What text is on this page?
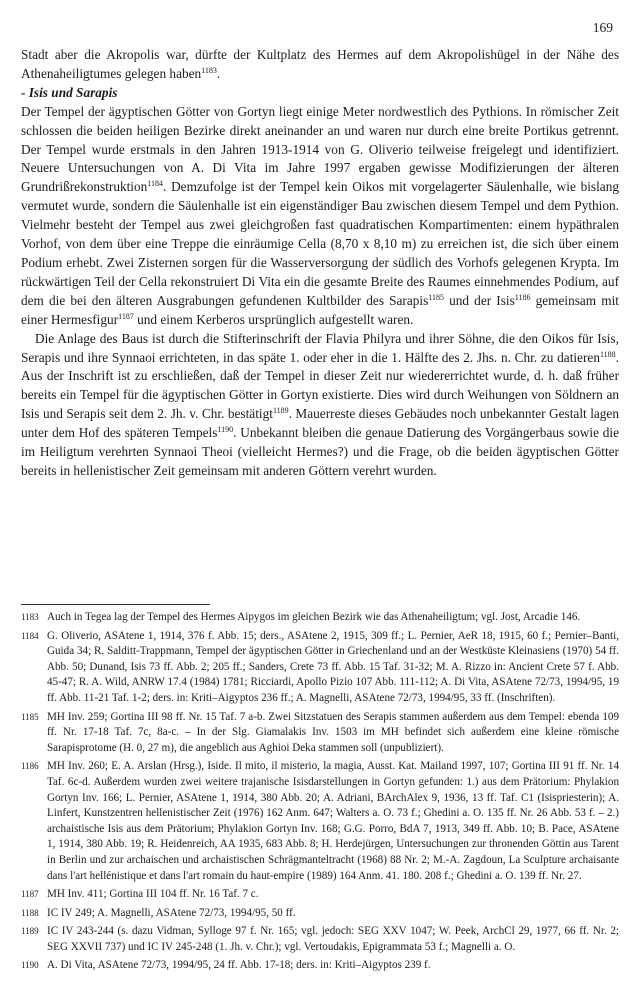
169

Stadt aber die Akropolis war, dürfte der Kultplatz des Hermes auf dem Akropolishügel in der Nähe des Athenaheiligtumes gelegen haben$^{1183}$.

- Isis und Sarapis

Der Tempel der ägyptischen Götter von Gortyn liegt einige Meter nordwestlich des Pythions. In römischer Zeit schlossen die beiden heiligen Bezirke direkt aneinander an und waren nur durch eine breite Portikus getrennt. Der Tempel wurde erstmals in den Jahren 1913-1914 von G. Oliverio teilweise freigelegt und identifiziert. Neuere Untersuchungen von A. Di Vita im Jahre 1997 ergaben gewisse Modifizierungen der älteren Grundrißrekonstruktion$^{1184}$. Demzufolge ist der Tempel kein Oikos mit vorgelagerter Säulenhalle, wie bislang vermutet wurde, sondern die Säulenhalle ist ein eigenständiger Bau zwischen diesem Tempel und dem Pythion. Vielmehr besteht der Tempel aus zwei gleichgroßen fast quadratischen Kompartimenten: einem hypäthralen Vorhof, von dem über eine Treppe die einräumige Cella (8,70 x 8,10 m) zu erreichen ist, die sich über einem Podium erhebt. Zwei Zisternen sorgen für die Wasserversorgung der südlich des Vorhofs gelegenen Krypta. Im rückwärtigen Teil der Cella rekonstruiert Di Vita ein die gesamte Breite des Raumes einnehmendes Podium, auf dem die bei den älteren Ausgrabungen gefundenen Kultbilder des Sarapis$^{1185}$ und der Isis$^{1186}$ gemeinsam mit einer Hermesfigur$^{1187}$ und einem Kerberos ursprünglich aufgestellt waren.

Die Anlage des Baus ist durch die Stifterinschrift der Flavia Philyra und ihrer Söhne, die den Oikos für Isis, Serapis und ihre Synnaoi errichteten, in das späte 1. oder eher in die 1. Hälfte des 2. Jhs. n. Chr. zu datieren$^{1188}$. Aus der Inschrift ist zu erschließen, daß der Tempel in dieser Zeit nur wiedererrichtet wurde, d. h. daß früher bereits ein Tempel für die ägyptischen Götter in Gortyn existierte. Dies wird durch Weihungen von Söldnern an Isis und Serapis seit dem 2. Jh. v. Chr. bestätigt$^{1189}$. Mauerreste dieses Gebäudes noch unbekannter Gestalt lagen unter dem Hof des späteren Tempels$^{1190}$. Unbekannt bleiben die genaue Datierung des Vorgängerbaus sowie die im Heiligtum verehrten Synnaoi Theoi (vielleicht Hermes?) und die Frage, ob die beiden ägyptischen Götter bereits in hellenistischer Zeit gemeinsam mit anderen Göttern verehrt wurden.

1183 Auch in Tegea lag der Tempel des Hermes Aipygos im gleichen Bezirk wie das Athenaheiligtum; vgl. Jost, Arcadie 146.
1184 G. Oliverio, ASAtene 1, 1914, 376 f. Abb. 15; ders., ASAtene 2, 1915, 309 ff.; L. Pernier, AeR 18, 1915, 60 f.; Pernier–Banti, Guida 34; R. Salditt-Trappmann, Tempel der ägyptischen Götter in Griechenland und an der Westküste Kleinasiens (1970) 54 ff. Abb. 50; Dunand, Isis 73 ff. Abb. 2; 205 ff.; Sanders, Crete 73 ff. Abb. 15 Taf. 31-32; M. A. Rizzo in: Ancient Crete 57 f. Abb. 45-47; R. A. Wild, ANRW 17.4 (1984) 1781; Ricciardi, Apollo Pizio 107 Abb. 111-112; A. Di Vita, ASAtene 72/73, 1994/95, 19 ff. Abb. 11-21 Taf. 1-2; ders. in: Kriti–Aigyptos 236 ff.; A. Magnelli, ASAtene 72/73, 1994/95, 33 ff. (Inschriften).
1185 MH Inv. 259; Gortina III 98 ff. Nr. 15 Taf. 7 a-b. Zwei Sitzstatuen des Serapis stammen außerdem aus dem Tempel: ebenda 109 ff. Nr. 17-18 Taf. 7c, 8a-c. – In der Slg. Giamalakis Inv. 1503 im MH befindet sich außerdem eine kleine römische Sarapisprotome (H. 0, 27 m), die angeblich aus Aghioi Deka stammen soll (unpubliziert).
1186 MH Inv. 260; E. A. Arslan (Hrsg.), Iside. Il mito, il misterio, la magia, Ausst. Kat. Mailand 1997, 107; Gortina III 91 ff. Nr. 14 Taf. 6c-d. Außerdem wurden zwei weitere trajanische Isisdarstellungen in Gortyn gefunden: 1.) aus dem Prätorium: Phylakion Gortyn Inv. 166; L. Pernier, ASAtene 1, 1914, 380 Abb. 20; A. Adriani, BArchAlex 9, 1936, 13 ff. Taf. C1 (Isispriesterin); A. Linfert, Kunstzentren hellenistischer Zeit (1976) 162 Anm. 647; Walters a. O. 73 f.; Ghedini a. O. 135 ff. Nr. 26 Abb. 53 f. – 2.) archaistische Isis aus dem Prätorium; Phylakion Gortyn Inv. 168; G.G. Porro, BdA 7, 1913, 349 ff. Abb. 10; B. Pace, ASAtene 1, 1914, 380 Abb. 19; R. Heidenreich, AA 1935, 683 Abb. 8; H. Herdejürgen, Untersuchungen zur thronenden Göttin aus Tarent in Berlin und zur archaischen und archaistischen Schrägmanteltracht (1968) 88 Nr. 2; M.-A. Zagdoun, La Sculpture archaisante dans l'art hellénistique et dans l'art romain du haut-empire (1989) 164 Anm. 41. 180. 208 f.; Ghedini a. O. 139 ff. Nr. 27.
1187 MH Inv. 411; Gortina III 104 ff. Nr. 16 Taf. 7 c.
1188 IC IV 249; A. Magnelli, ASAtene 72/73, 1994/95, 50 ff.
1189 IC IV 243-244 (s. dazu Vidman, Sylloge 97 f. Nr. 165; vgl. jedoch: SEG XXV 1047; W. Peek, ArchCl 29, 1977, 66 ff. Nr. 2; SEG XXVII 737) und IC IV 245-248 (1. Jh. v. Chr.); vgl. Vertoudakis, Epigrammata 53 f.; Magnelli a. O.
1190 A. Di Vita, ASAtene 72/73, 1994/95, 24 ff. Abb. 17-18; ders. in: Kriti–Aigyptos 239 f.
